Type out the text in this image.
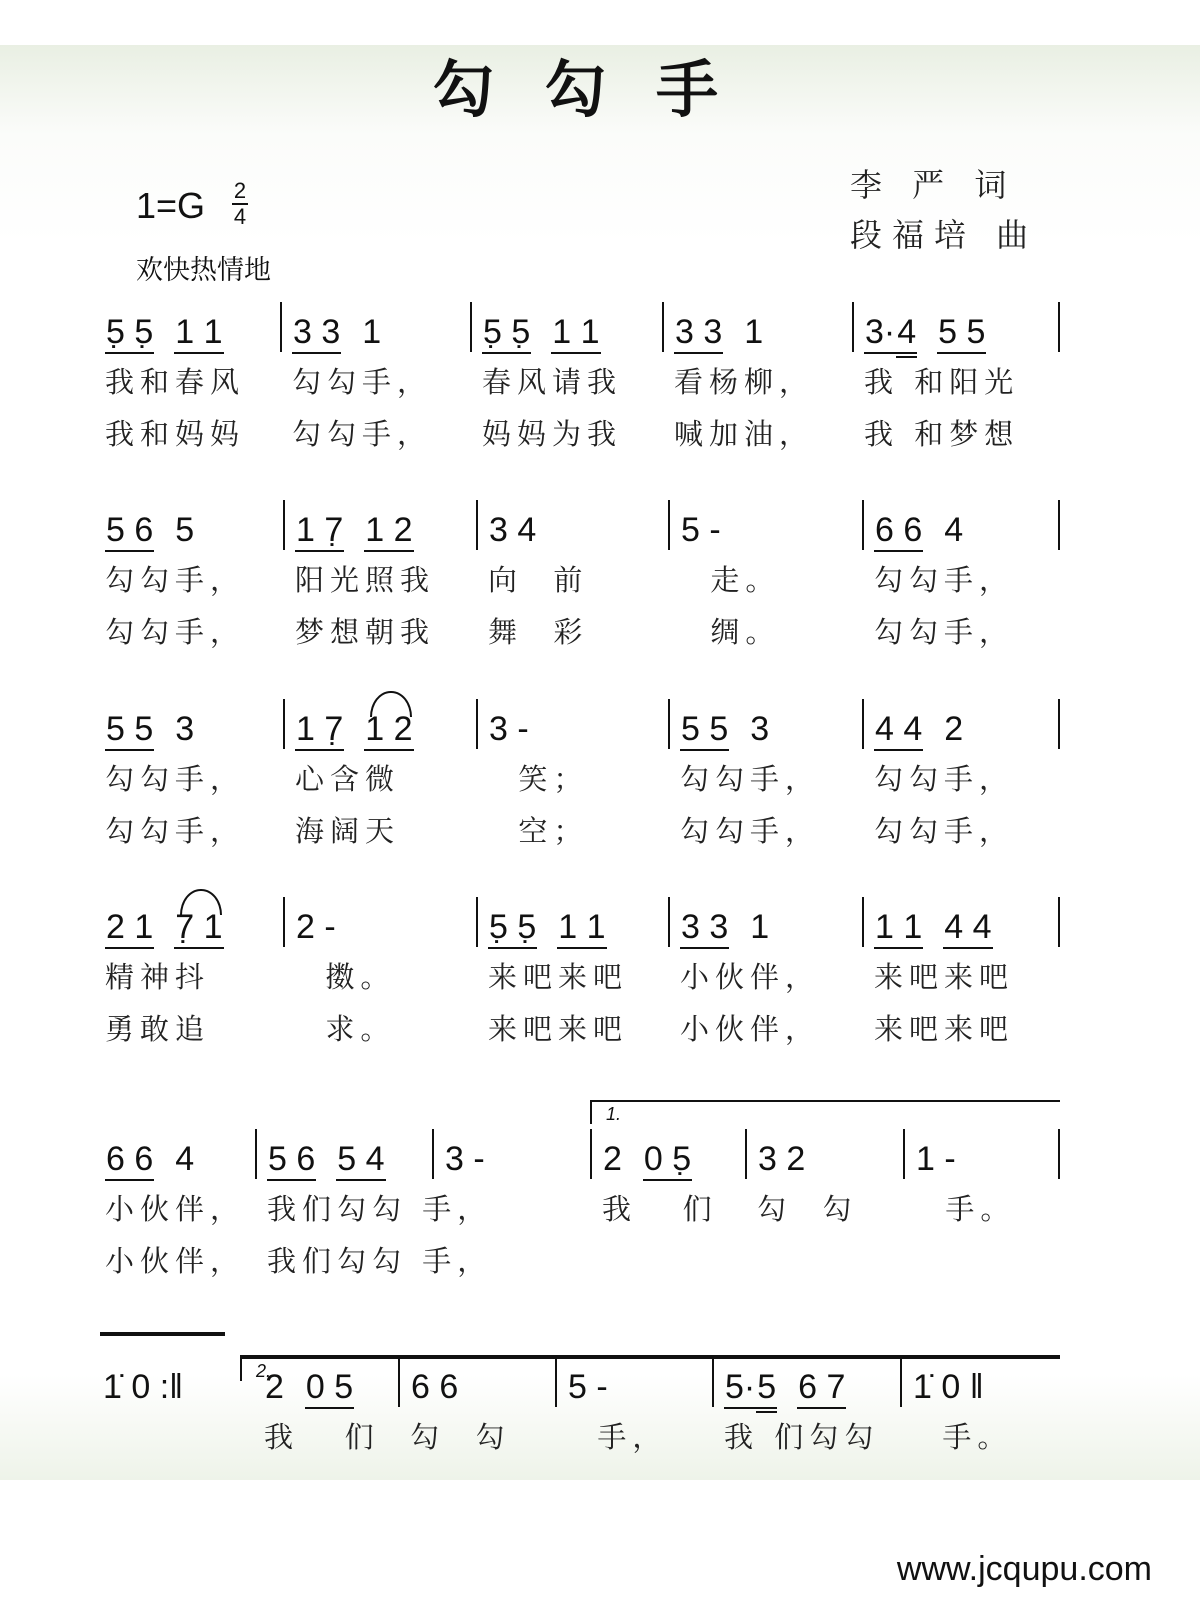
勾勾手
1=G 2
4
欢快热情地
李 严 词
段福培 曲
5̣ 5̣ 1 1
我和春风
我和妈妈
3 3 1
勾勾手，
勾勾手，
5̣ 5̣ 1 1
春风请我
妈妈为我
3 3 1
看杨柳，
喊加油，
3·4 5 5
我 和阳光
我 和梦想
5 6 5
勾勾手，
勾勾手，
1 7̣ 1 2
阳光照我
梦想朝我
3 4
向  前
舞  彩
5 -
走。
绸。
6 6 4
勾勾手，
勾勾手，
5 5 3
勾勾手，
勾勾手，
1 7̣ 1 2
心含微
海阔天
3 -
笑；
空；
5 5 3
勾勾手，
勾勾手，
4 4 2
勾勾手，
勾勾手，
2 1 7̣ 1
精神抖
勇敢追
2 -
擞。
求。
5̣ 5̣ 1 1
来吧来吧
来吧来吧
3 3 1
小伙伴，
小伙伴，
1 1 4 4
来吧来吧
来吧来吧
6 6 4
小伙伴，
小伙伴，
5 6 5 4
我们勾勾 手，
我们勾勾 手，
3 -	2 0 5̣
我   们
3 2
勾  勾
1 -
手。
1.
1̇ 0 :‖	2 0 5
我   们
6 6
勾  勾
5 -
手，
5·5 6 7
我 们勾勾
1̇ 0 ‖
手。
2.
www.jcqupu.com
